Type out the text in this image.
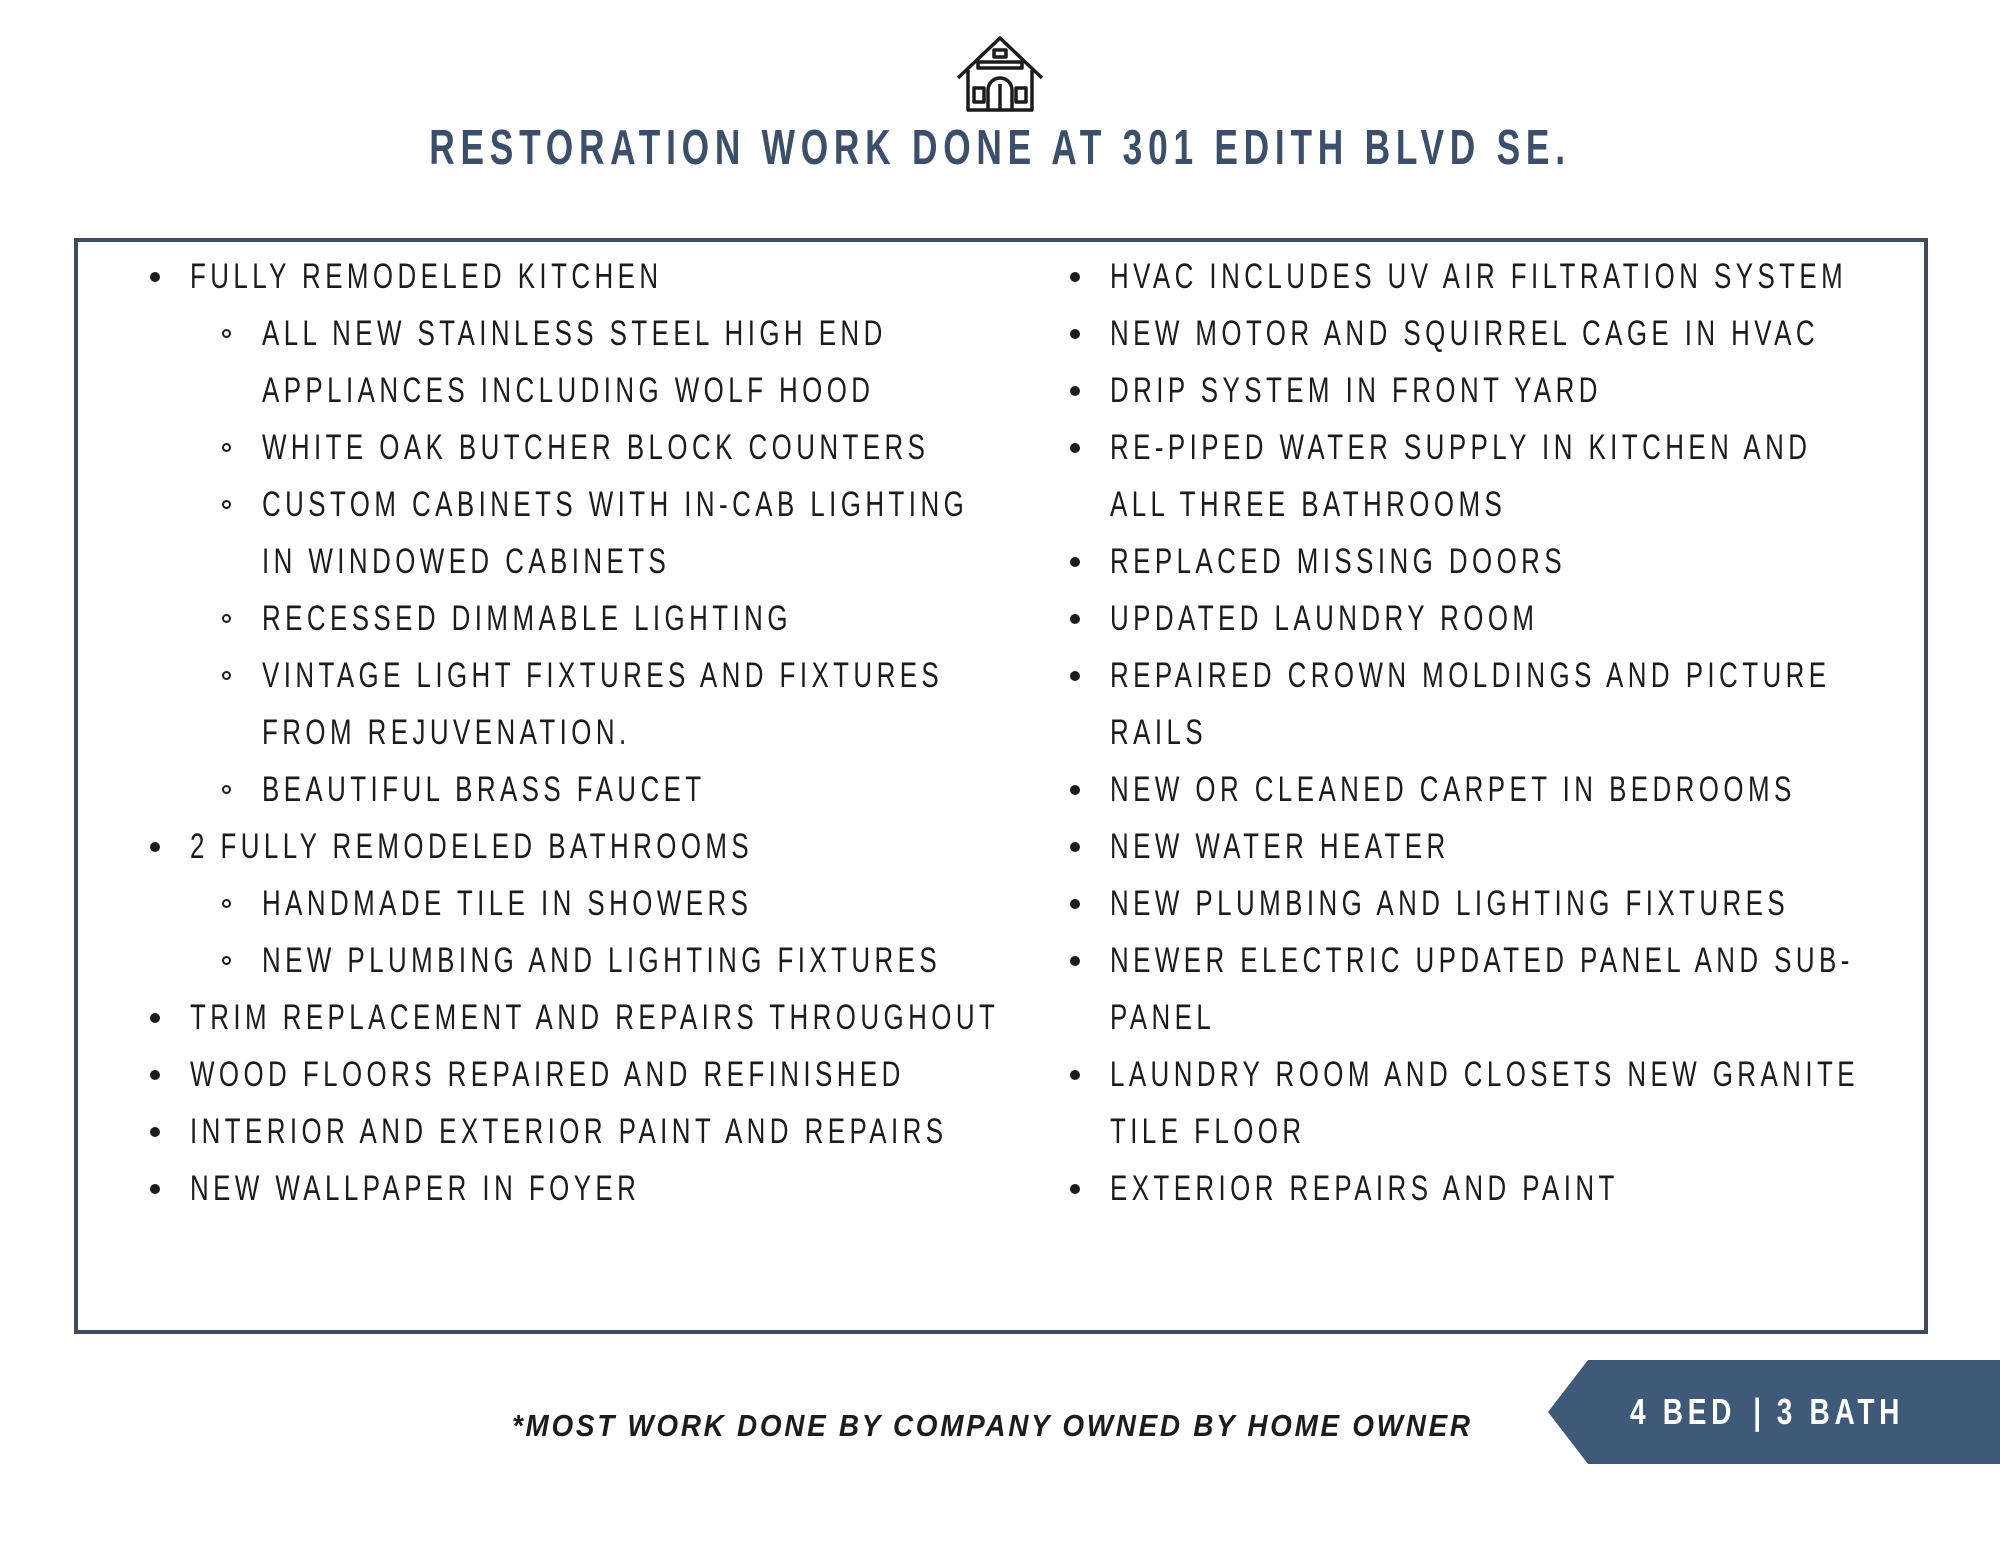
RESTORATION WORK DONE AT 301 EDITH BLVD SE.
FULLY REMODELED KITCHEN
ALL NEW STAINLESS STEEL HIGH END
APPLIANCES INCLUDING WOLF HOOD
WHITE OAK BUTCHER BLOCK COUNTERS
CUSTOM CABINETS WITH IN-CAB LIGHTING
IN WINDOWED CABINETS
RECESSED DIMMABLE LIGHTING
VINTAGE LIGHT FIXTURES AND FIXTURES
FROM REJUVENATION.
BEAUTIFUL BRASS FAUCET
2 FULLY REMODELED BATHROOMS
HANDMADE TILE IN SHOWERS
NEW PLUMBING AND LIGHTING FIXTURES
TRIM REPLACEMENT AND REPAIRS THROUGHOUT
WOOD FLOORS REPAIRED AND REFINISHED
INTERIOR AND EXTERIOR PAINT AND REPAIRS
NEW WALLPAPER IN FOYER
HVAC INCLUDES UV AIR FILTRATION SYSTEM
NEW MOTOR AND SQUIRREL CAGE IN HVAC
DRIP SYSTEM IN FRONT YARD
RE-PIPED WATER SUPPLY IN KITCHEN AND
ALL THREE BATHROOMS
REPLACED MISSING DOORS
UPDATED LAUNDRY ROOM
REPAIRED CROWN MOLDINGS AND PICTURE
RAILS
NEW OR CLEANED CARPET IN BEDROOMS
NEW WATER HEATER
NEW PLUMBING AND LIGHTING FIXTURES
NEWER ELECTRIC UPDATED PANEL AND SUB-
PANEL
LAUNDRY ROOM AND CLOSETS NEW GRANITE
TILE FLOOR
EXTERIOR REPAIRS AND PAINT
*MOST WORK DONE BY COMPANY OWNED BY HOME OWNER	4 BED | 3 BATH
